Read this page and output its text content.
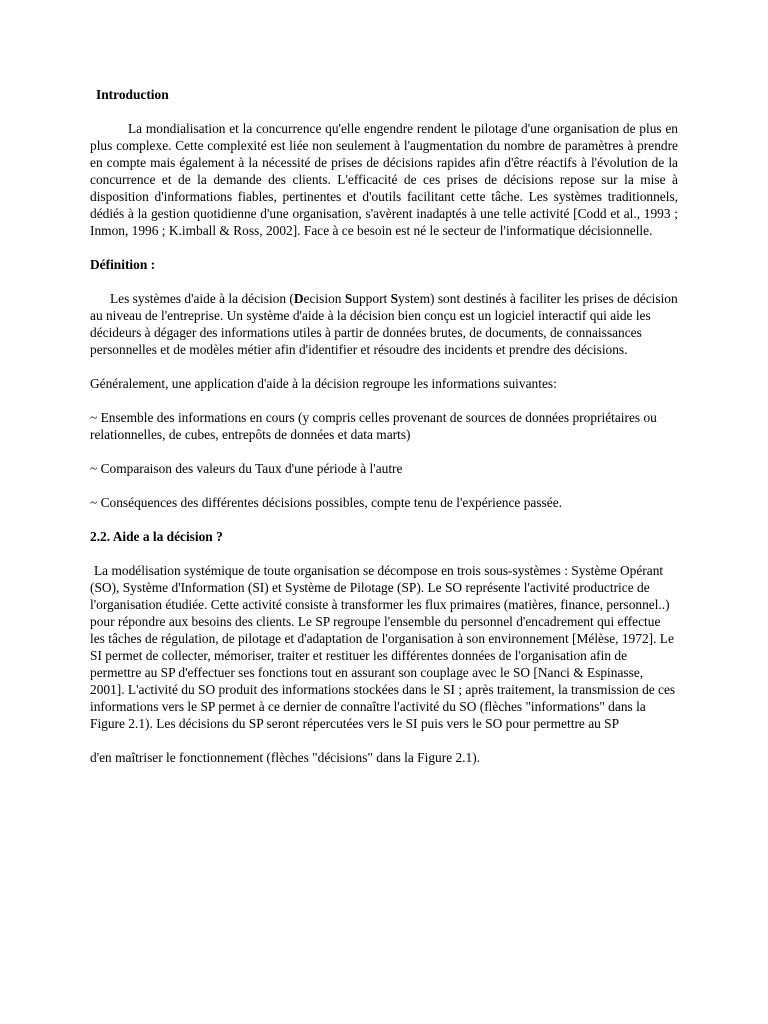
Introduction

La mondialisation et la concurrence qu'elle engendre rendent le pilotage d'une organisation de plus en plus complexe. Cette complexité est liée non seulement à l'augmentation du nombre de paramètres à prendre en compte mais également à la nécessité de prises de décisions rapides afin d'être réactifs à l'évolution de la concurrence et de la demande des clients. L'efficacité de ces prises de décisions repose sur la mise à disposition d'informations fiables, pertinentes et d'outils facilitant cette tâche. Les systèmes traditionnels, dédiés à la gestion quotidienne d'une organisation, s'avèrent inadaptés à une telle activité [Codd et al., 1993 ; Inmon, 1996 ; K.imball & Ross, 2002]. Face à ce besoin est né le secteur de l'informatique décisionnelle.

Définition :

Les systèmes d'aide à la décision (Decision Support System) sont destinés à faciliter les prises de décision au niveau de l'entreprise. Un système d'aide à la décision bien conçu est un logiciel interactif qui aide les décideurs à dégager des informations utiles à partir de données brutes, de documents, de connaissances personnelles et de modèles métier afin d'identifier et résoudre des incidents et prendre des décisions.

Généralement, une application d'aide à la décision regroupe les informations suivantes:

~ Ensemble des informations en cours (y compris celles provenant de sources de données propriétaires ou relationnelles, de cubes, entrepôts de données et data marts)

~ Comparaison des valeurs du Taux d'une période à l'autre

~ Conséquences des différentes décisions possibles, compte tenu de l'expérience passée.

2.2. Aide a la décision ?

La modélisation systémique de toute organisation se décompose en trois sous-systèmes : Système Opérant (SO), Système d'Information (SI) et Système de Pilotage (SP). Le SO représente l'activité productrice de l'organisation étudiée. Cette activité consiste à transformer les flux primaires (matières, finance, personnel..) pour répondre aux besoins des clients. Le SP regroupe l'ensemble du personnel d'encadrement qui effectue les tâches de régulation, de pilotage et d'adaptation de l'organisation à son environnement [Mélèse, 1972]. Le SI permet de collecter, mémoriser, traiter et restituer les différentes données de l'organisation afin de permettre au SP d'effectuer ses fonctions tout en assurant son couplage avec le SO [Nanci & Espinasse, 2001]. L'activité du SO produit des informations stockées dans le SI ; après traitement, la transmission de ces informations vers le SP permet à ce dernier de connaître l'activité du SO (flèches "informations" dans la Figure 2.1). Les décisions du SP seront répercutées vers le SI puis vers le SO pour permettre au SP

d'en maîtriser le fonctionnement (flèches "décisions" dans la Figure 2.1).
